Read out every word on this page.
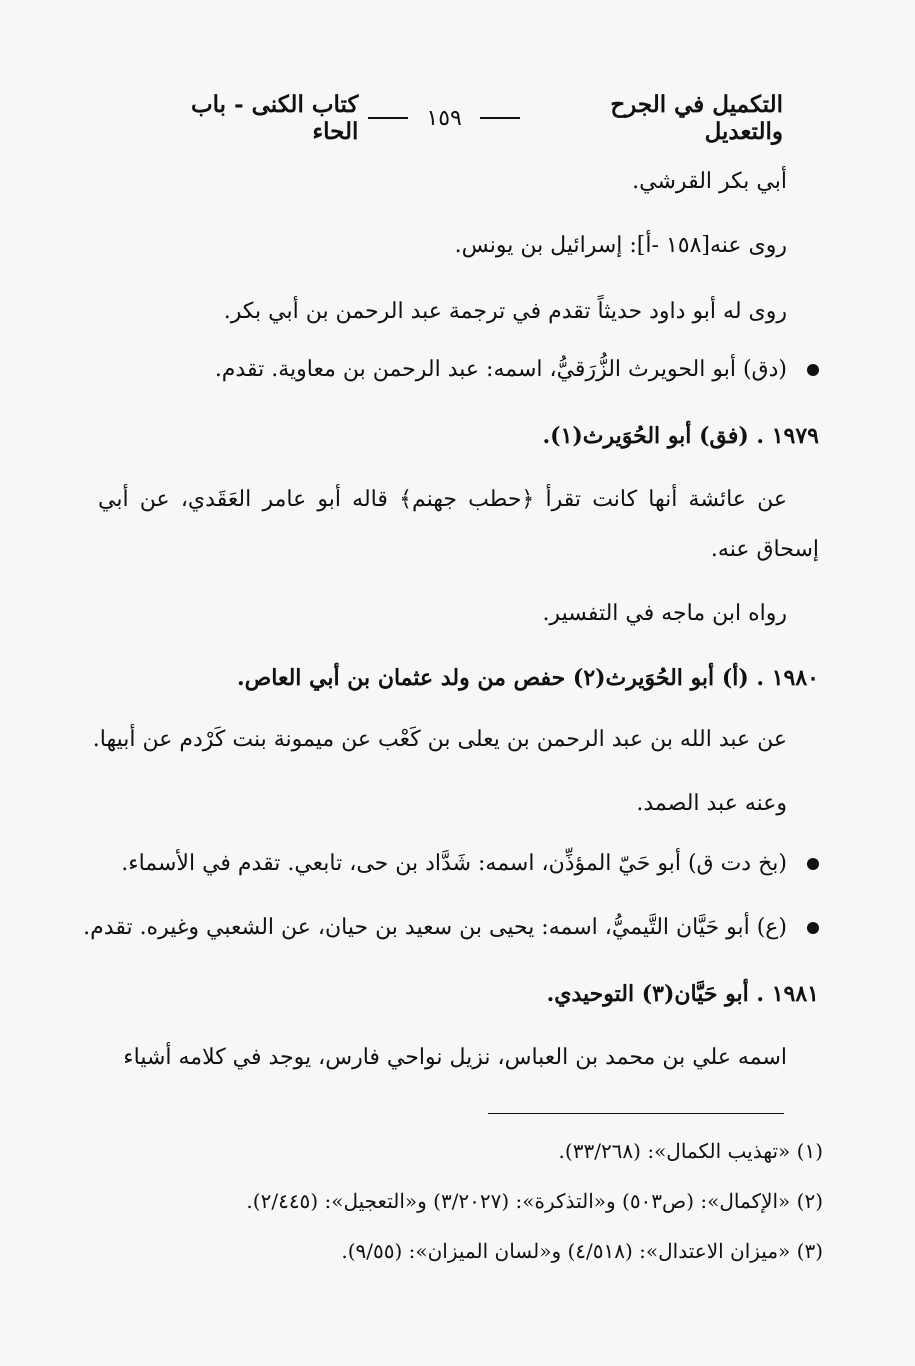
التكميل في الجرح والتعديل
١٥٩
كتاب الكنى - باب الحاء
أبي بكر القرشي.
روى عنه[١٥٨ -أ]: إسرائيل بن يونس.
روى له أبو داود حديثاً تقدم في ترجمة عبد الرحمن بن أبي بكر.
(دق) أبو الحويرث الزُّرَقيُّ، اسمه: عبد الرحمن بن معاوية. تقدم.
١٩٧٩ . (فق) أبو الحُوَيرث(١).
عن عائشة أنها كانت تقرأ ﴿حطب جهنم﴾ قاله أبو عامر العَقَدي، عن أبي
إسحاق عنه.
رواه ابن ماجه في التفسير.
١٩٨٠ . (أ) أبو الحُوَيرث(٢) حفص من ولد عثمان بن أبي العاص.
عن عبد الله بن عبد الرحمن بن يعلى بن كَعْب عن ميمونة بنت كَرْدم عن أبيها.
وعنه عبد الصمد.
(بخ دت ق) أبو حَيّ المؤذِّن، اسمه: شَدَّاد بن حى، تابعي. تقدم في الأسماء.
(ع) أبو حَيَّان التَّيميُّ، اسمه: يحيى بن سعيد بن حيان، عن الشعبي وغيره. تقدم.
١٩٨١ . أبو حَيَّان(٣) التوحيدي.
اسمه علي بن محمد بن العباس، نزيل نواحي فارس، يوجد في كلامه أشياء
(١) «تهذيب الكمال»: (٣٣/٢٦٨).
(٢) «الإكمال»: (ص٥٠٣) و«التذكرة»: (٣/٢٠٢٧) و«التعجيل»: (٢/٤٤٥).
(٣) «ميزان الاعتدال»: (٤/٥١٨) و«لسان الميزان»: (٩/٥٥).
